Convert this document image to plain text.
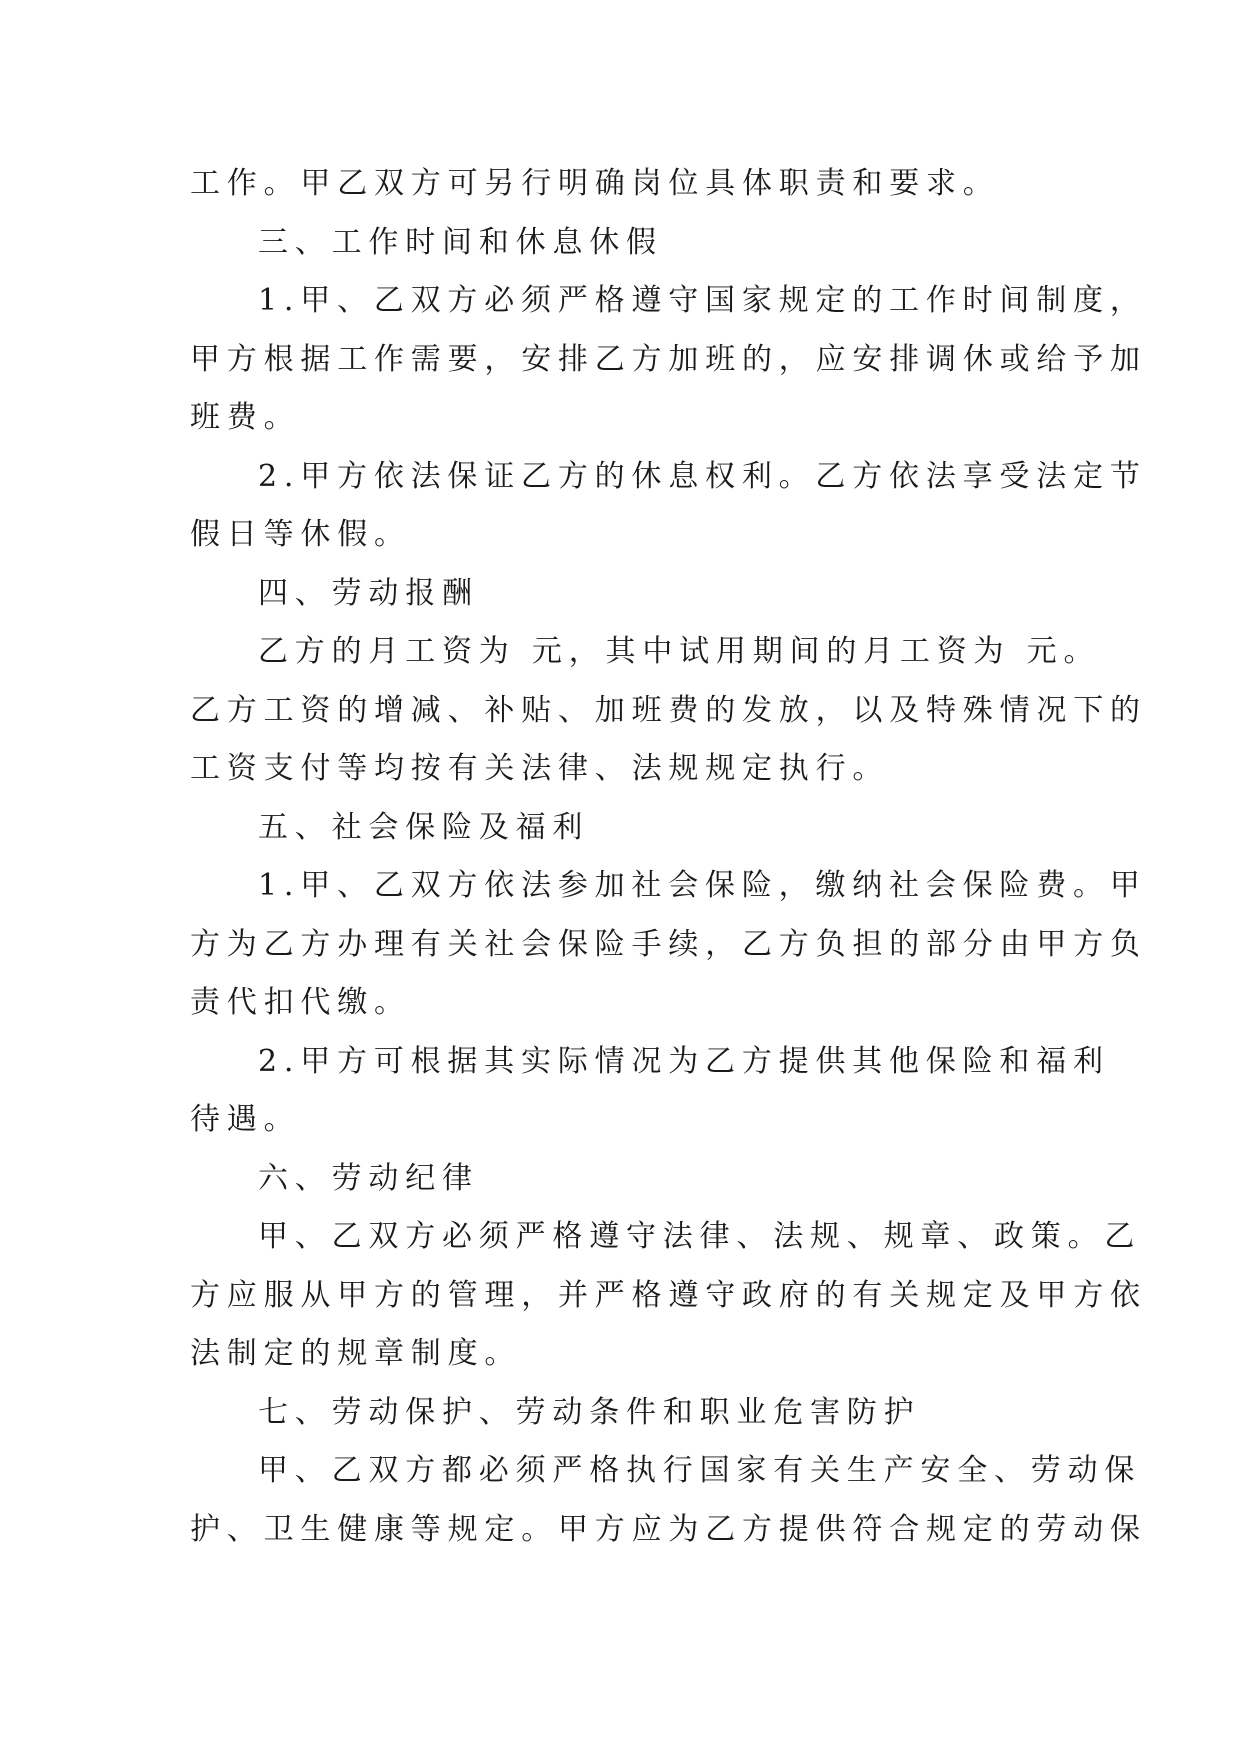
工作。甲乙双方可另行明确岗位具体职责和要求。
三、工作时间和休息休假
1.甲、乙双方必须严格遵守国家规定的工作时间制度，
甲方根据工作需要，安排乙方加班的，应安排调休或给予加
班费。
2.甲方依法保证乙方的休息权利。乙方依法享受法定节
假日等休假。
四、劳动报酬
乙方的月工资为 元，其中试用期间的月工资为 元。
乙方工资的增减、补贴、加班费的发放，以及特殊情况下的
工资支付等均按有关法律、法规规定执行。
五、社会保险及福利
1.甲、乙双方依法参加社会保险，缴纳社会保险费。甲
方为乙方办理有关社会保险手续，乙方负担的部分由甲方负
责代扣代缴。
2.甲方可根据其实际情况为乙方提供其他保险和福利
待遇。
六、劳动纪律
甲、乙双方必须严格遵守法律、法规、规章、政策。乙
方应服从甲方的管理，并严格遵守政府的有关规定及甲方依
法制定的规章制度。
七、劳动保护、劳动条件和职业危害防护
甲、乙双方都必须严格执行国家有关生产安全、劳动保
护、卫生健康等规定。甲方应为乙方提供符合规定的劳动保
